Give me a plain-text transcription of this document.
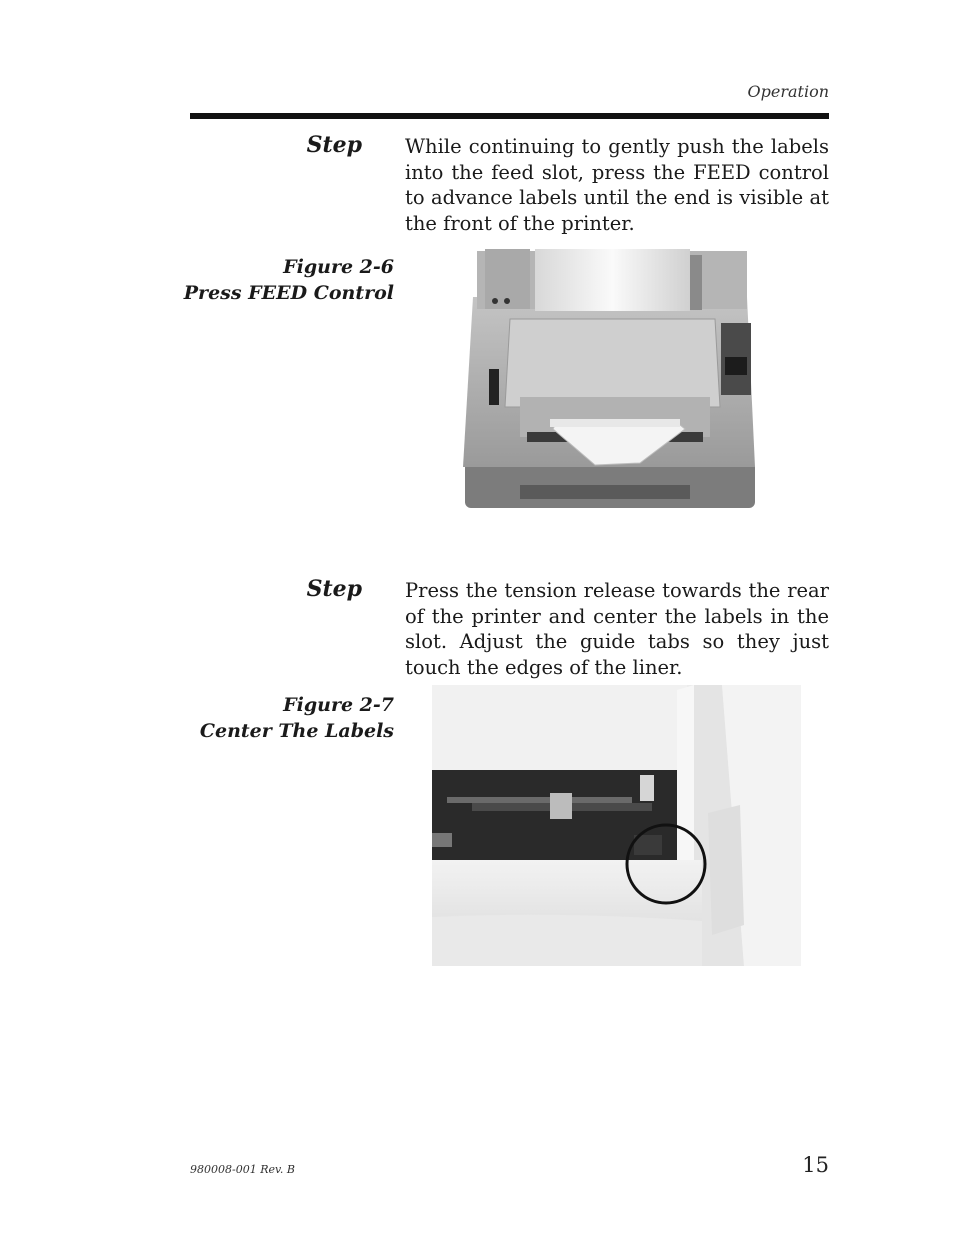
Operation
Step While continuing to gently push the labels into the feed slot, press the FEED control to advance labels until the end is visible at the front of the printer.
Figure 2-6
Press FEED Control
Step Press the tension release towards the rear of the printer and center the labels in the slot. Adjust the guide tabs so they just touch the edges of the liner.
Figure 2-7
Center The Labels
980008-001 Rev. B	15
